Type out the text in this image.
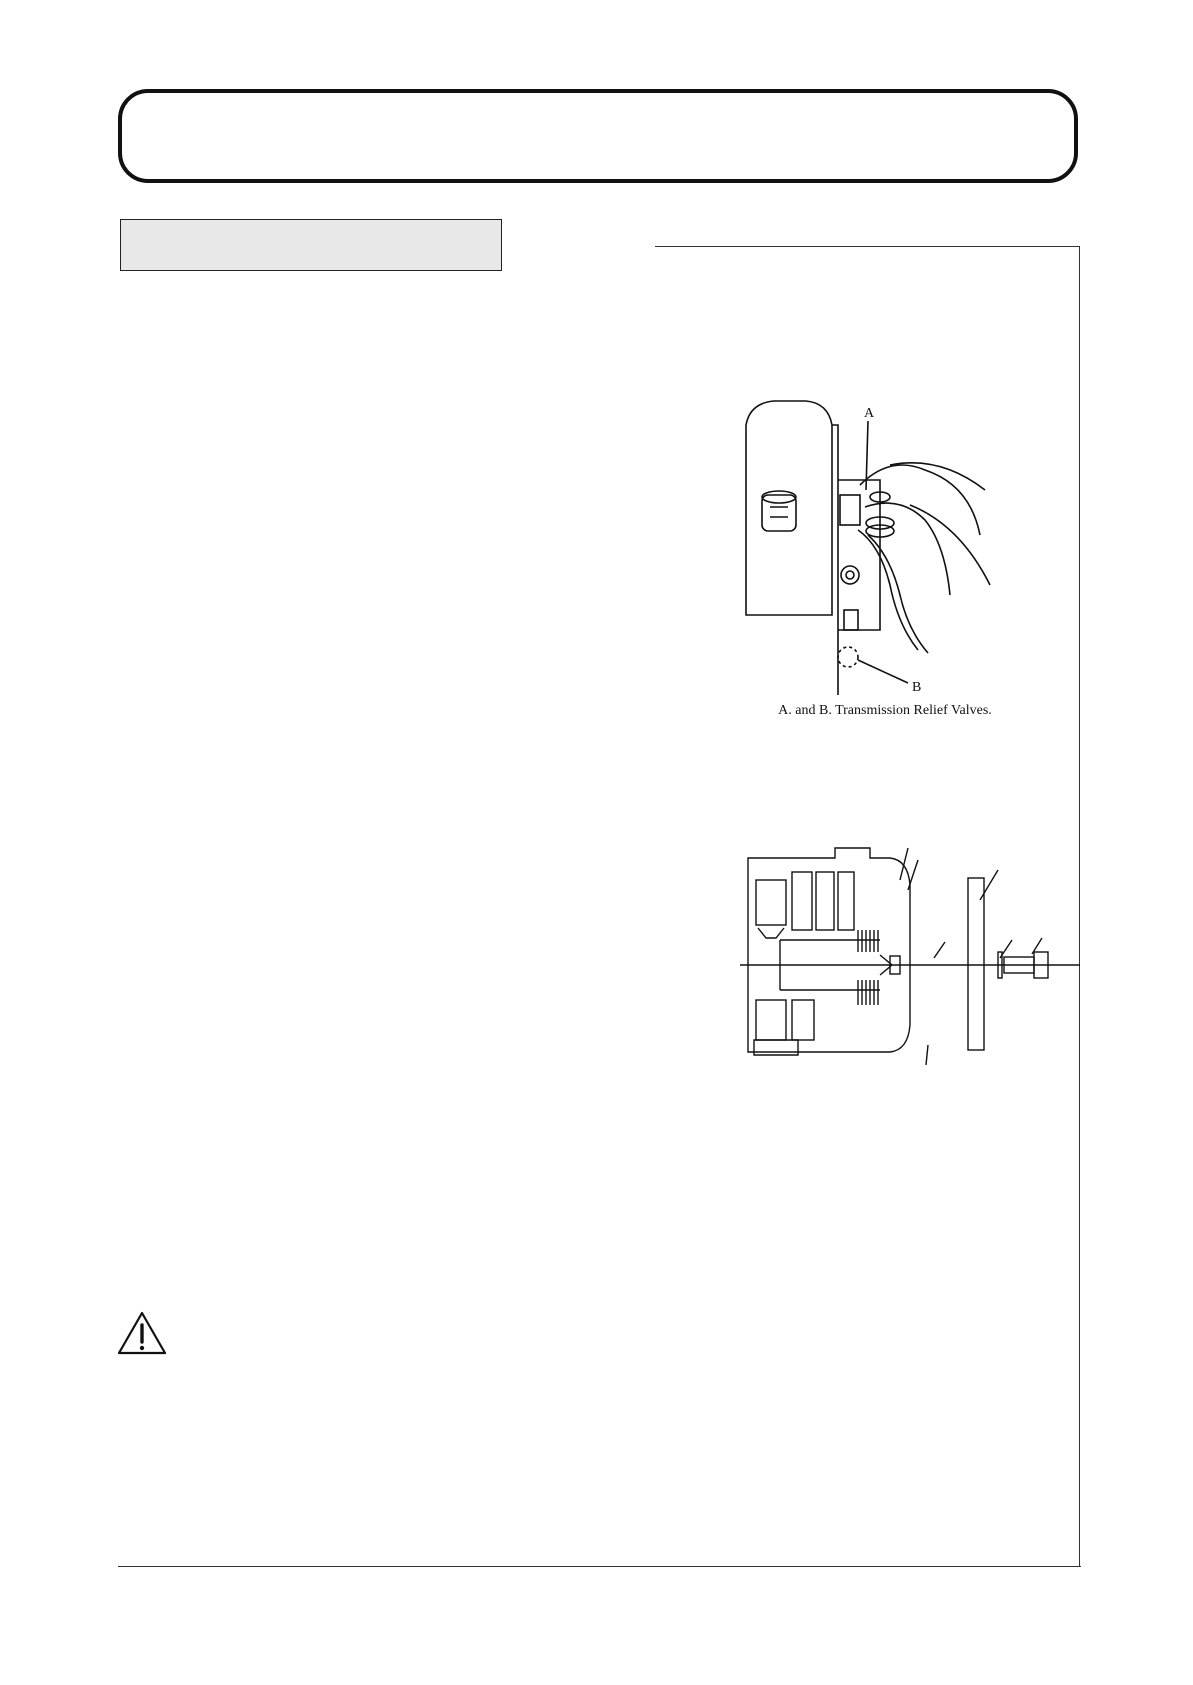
A
B
A. and B. Transmission Relief Valves.
